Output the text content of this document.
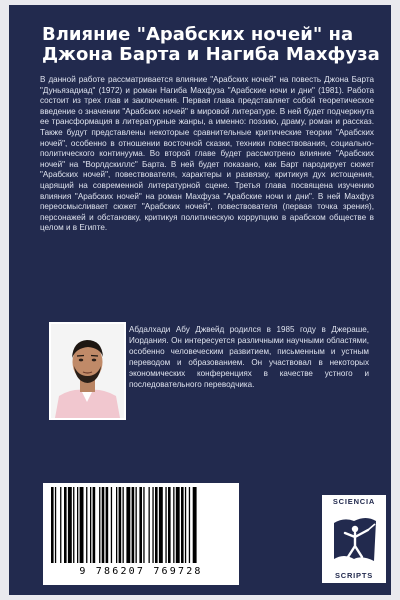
Влияние "Арабских ночей" на Джона Барта и Нагиба Махфуза

В данной работе рассматривается влияние "Арабских ночей" на повесть Джона Барта "Дуньязадиад" (1972) и роман Нагиба Махфуза "Арабские ночи и дни" (1981). Работа состоит из трех глав и заключения. Первая глава представляет собой теоретическое введение о значении "Арабских ночей" в мировой литературе. В ней будет подчеркнута ее трансформация в литературные жанры, а именно: поэзию, драму, роман и рассказ. Также будут представлены некоторые сравнительные критические теории "Арабских ночей", особенно в отношении восточной сказки, техники повествования, социально-политического континуума. Во второй главе будет рассмотрено влияние "Арабских ночей" на "Ворлдскиллс" Барта. В ней будет показано, как Барт пародирует сюжет "Арабских ночей", повествователя, характеры и развязку, критикуя дух истощения, царящий на современной литературной сцене. Третья глава посвящена изучению влияния "Арабских ночей" на роман Махфуза "Арабские ночи и дни". В ней Махфуз переосмысливает сюжет "Арабских ночей", повествователя (первая точка зрения), персонажей и обстановку, критикуя политическую коррупцию в арабском обществе в целом и в Египте.

Абдалхади Абу Джвейд родился в 1985 году в Джераше, Иордания. Он интересуется различными научными областями, особенно человеческим развитием, письменным и устным переводом и образованием. Он участвовал в некоторых экономических конференциях в качестве устного и последовательного переводчика.

9 786207 769728
SCIENCIA
SCRIPTS
